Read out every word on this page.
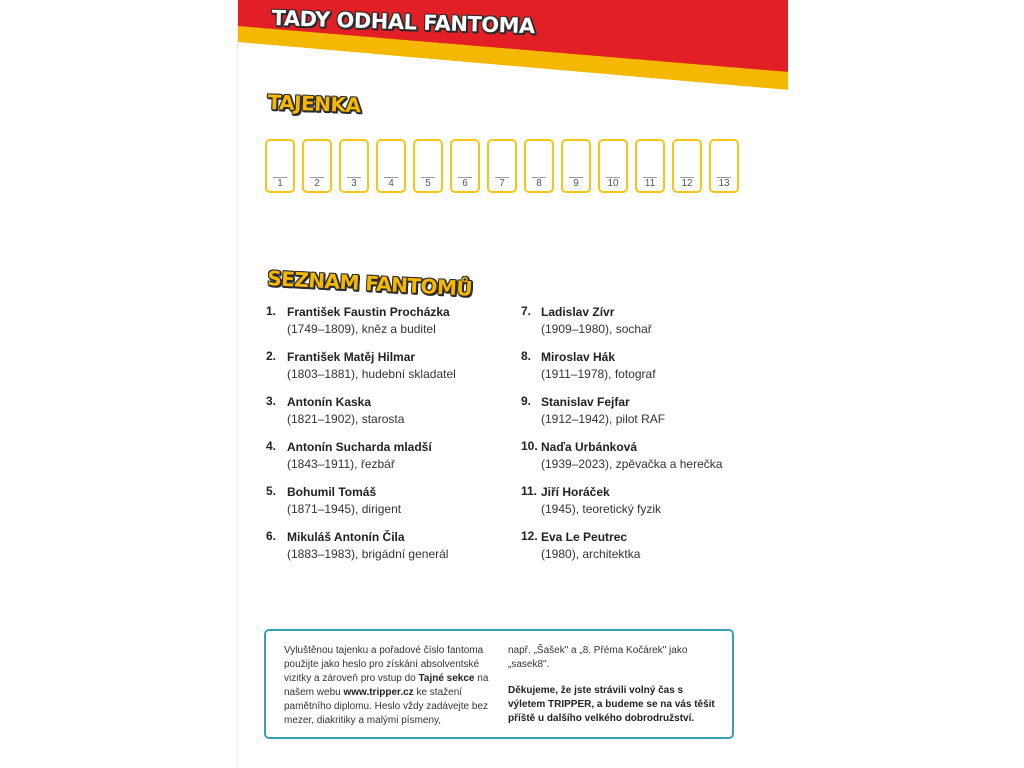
TADY ODHAL FANTOMA
TAJENKA
1	2	3	4	5	6	7	8	9	10	11	12	13
SEZNAM FANTOMŮ
1. František Faustin Procházka
(1749–1809), kněz a buditel
2. František Matěj Hilmar
(1803–1881), hudební skladatel
3. Antonín Kaska
(1821–1902), starosta
4. Antonín Sucharda mladší
(1843–1911), řezbář
5. Bohumil Tomáš
(1871–1945), dirigent
6. Mikuláš Antonín Čila
(1883–1983), brigádní generál
7. Ladislav Zívr
(1909–1980), sochař
8. Miroslav Hák
(1911–1978), fotograf
9. Stanislav Fejfar
(1912–1942), pilot RAF
10. Naďa Urbánková
(1939–2023), zpěvačka a herečka
11. Jiří Horáček
(1945), teoretický fyzik
12. Eva Le Peutrec
(1980), architektka
Vyluštěnou tajenku a pořadové číslo fantoma použijte jako heslo pro získání absolventské vizitky a zároveň pro vstup do Tajné sekce na našem webu www.tripper.cz ke stažení pamětního diplomu. Heslo vždy zadávejte bez mezer, diakritiky a malými písmeny,
např. „Šašek" a „8. Přéma Kočárek" jako „sasek8".
Děkujeme, že jste strávili volný čas s výletem TRIPPER, a budeme se na vás těšit příště u dalšího velkého dobrodružství.
